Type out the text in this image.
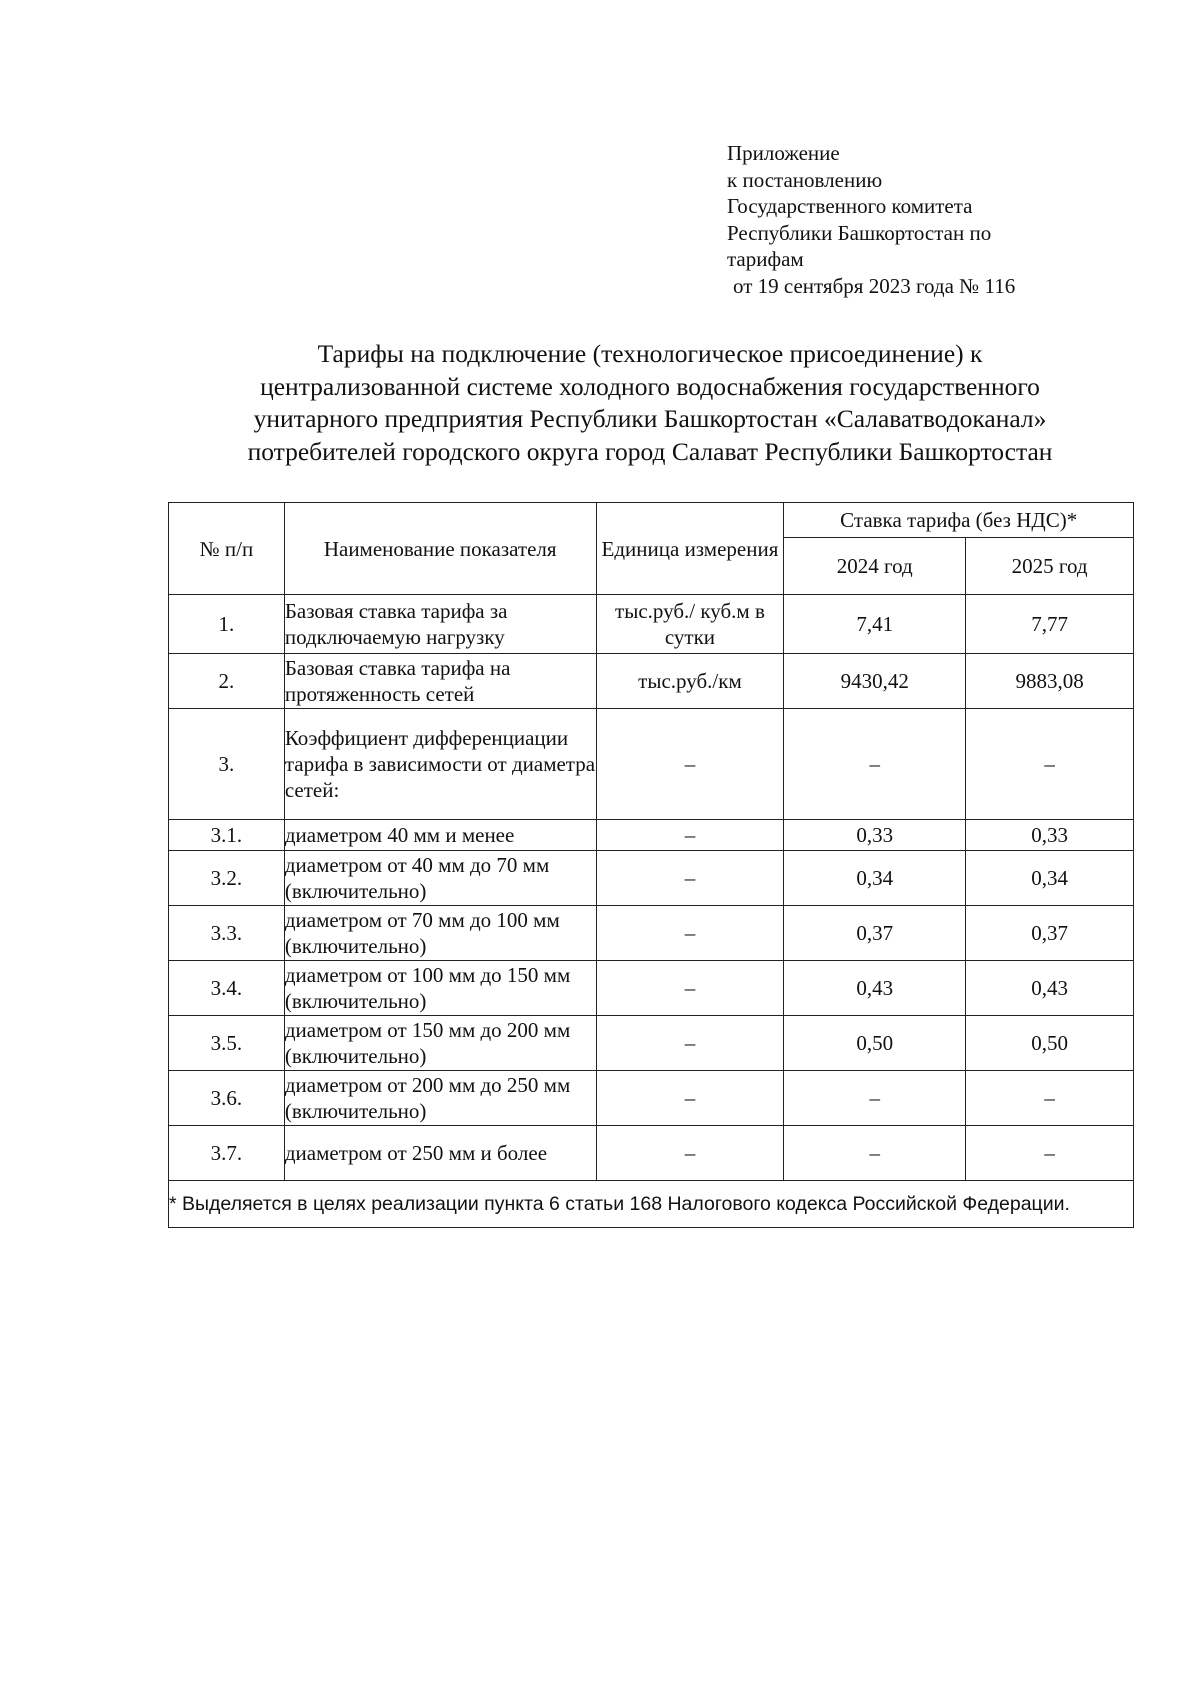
Приложение
к постановлению
Государственного комитета
Республики Башкортостан по
тарифам
от 19 сентября 2023 года № 116
Тарифы на подключение (технологическое присоединение) к
централизованной системе холодного водоснабжения государственного
унитарного предприятия Республики Башкортостан «Салаватводоканал»
потребителей городского округа город Салават Республики Башкортостан
№ п/п	Наименование показателя	Единица измерения	Ставка тарифа (без НДС)*	
			2024 год	2025 год
1.	Базовая ставка тарифа за подключаемую нагрузку	тыс.руб./ куб.м в сутки	7,41	7,77
2.	Базовая ставка тарифа на протяженность сетей	тыс.руб./км	9430,42	9883,08
3.	Коэффициент дифференциации тарифа в зависимости от диаметра сетей:	–	–	–
3.1.	диаметром 40 мм и менее	–	0,33	0,33
3.2.	диаметром от 40 мм до 70 мм (включительно)	–	0,34	0,34
3.3.	диаметром от 70 мм до 100 мм (включительно)	–	0,37	0,37
3.4.	диаметром от 100 мм до 150 мм (включительно)	–	0,43	0,43
3.5.	диаметром от 150 мм до 200 мм (включительно)	–	0,50	0,50
3.6.	диаметром от 200 мм до 250 мм (включительно)	–	–	–
3.7.	диаметром от 250 мм и более	–	–	–
* Выделяется в целях реализации пункта 6 статьи 168 Налогового кодекса Российской Федерации.				
